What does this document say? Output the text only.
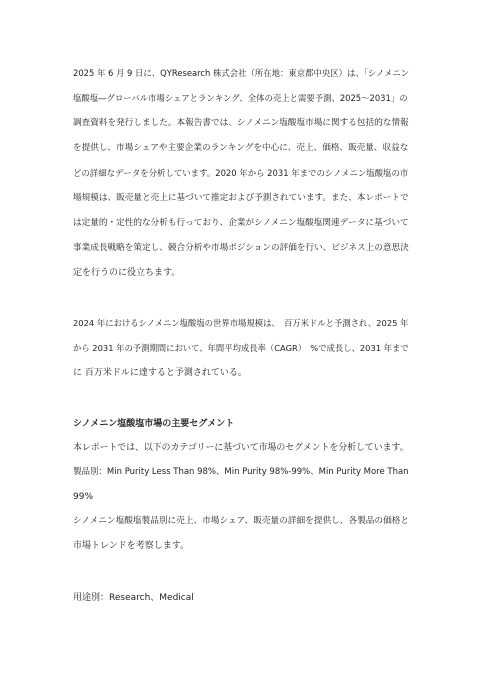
2025 年 6 月 9 日に、QYResearch 株式会社（所在地：東京都中央区）は、「シノメニン
塩酸塩―グローバル市場シェアとランキング、全体の売上と需要予測、2025〜2031」の
調査資料を発行しました。本報告書では、シノメニン塩酸塩市場に関する包括的な情報
を提供し、市場シェアや主要企業のランキングを中心に、売上、価格、販売量、収益な
どの詳細なデータを分析しています。2020 年から 2031 年までのシノメニン塩酸塩の市
場規模は、販売量と売上に基づいて推定および予測されています。また、本レポートで
は定量的・定性的な分析も行っており、企業がシノメニン塩酸塩関連データに基づいて
事業成長戦略を策定し、競合分析や市場ポジションの評価を行い、ビジネス上の意思決
定を行うのに役立ちます。
2024 年におけるシノメニン塩酸塩の世界市場規模は、　百万米ドルと予測され、2025 年
から 2031 年の予測期間において、年間平均成長率（CAGR）　%で成長し、2031 年まで
に 百万米ドルに達すると予測されている。
シノメニン塩酸塩市場の主要セグメント
本レポートでは、以下のカテゴリーに基づいて市場のセグメントを分析しています。
製品別：Min Purity Less Than 98%、Min Purity 98%-99%、Min Purity More Than
99%
シノメニン塩酸塩製品別に売上、市場シェア、販売量の詳細を提供し、各製品の価格と
市場トレンドを考察します。
用途別：Research、Medical
